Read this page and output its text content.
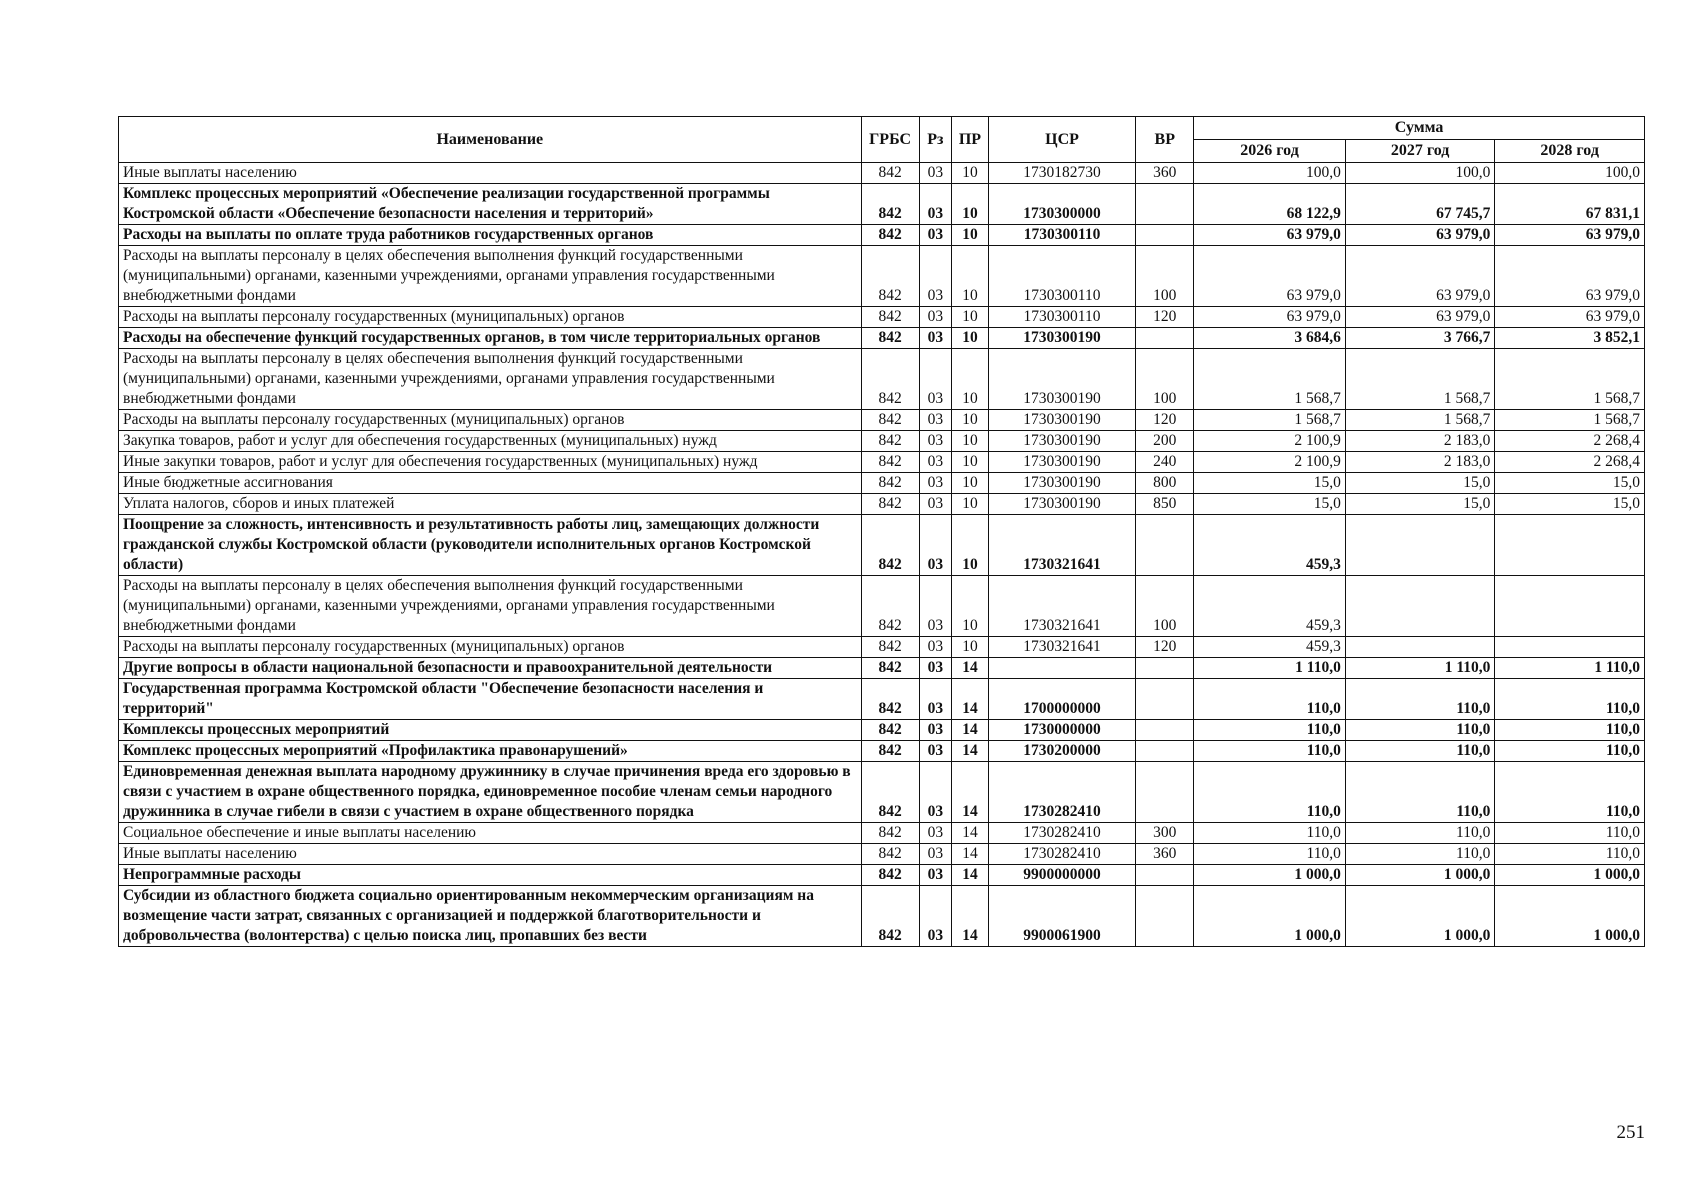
Наименование	ГРБС	Рз	ПР	ЦСР	ВР	Сумма		
						2026 год	2027 год	2028 год
Иные выплаты населению	842	03	10	1730182730	360	100,0	100,0	100,0
Комплекс процессных мероприятий «Обеспечение реализации государственной программы Костромской области «Обеспечение безопасности населения и территорий»	842	03	10	1730300000		68 122,9	67 745,7	67 831,1
Расходы на выплаты по оплате труда работников государственных органов	842	03	10	1730300110		63 979,0	63 979,0	63 979,0
Расходы на выплаты персоналу в целях обеспечения выполнения функций государственными (муниципальными) органами, казенными учреждениями, органами управления государственными внебюджетными фондами	842	03	10	1730300110	100	63 979,0	63 979,0	63 979,0
Расходы на выплаты персоналу государственных (муниципальных) органов	842	03	10	1730300110	120	63 979,0	63 979,0	63 979,0
Расходы на обеспечение функций государственных органов, в том числе территориальных органов	842	03	10	1730300190		3 684,6	3 766,7	3 852,1
Расходы на выплаты персоналу в целях обеспечения выполнения функций государственными (муниципальными) органами, казенными учреждениями, органами управления государственными внебюджетными фондами	842	03	10	1730300190	100	1 568,7	1 568,7	1 568,7
Расходы на выплаты персоналу государственных (муниципальных) органов	842	03	10	1730300190	120	1 568,7	1 568,7	1 568,7
Закупка товаров, работ и услуг для обеспечения государственных (муниципальных) нужд	842	03	10	1730300190	200	2 100,9	2 183,0	2 268,4
Иные закупки товаров, работ и услуг для обеспечения государственных (муниципальных) нужд	842	03	10	1730300190	240	2 100,9	2 183,0	2 268,4
Иные бюджетные ассигнования	842	03	10	1730300190	800	15,0	15,0	15,0
Уплата налогов, сборов и иных платежей	842	03	10	1730300190	850	15,0	15,0	15,0
Поощрение за сложность, интенсивность и результативность работы лиц, замещающих должности гражданской службы Костромской области (руководители исполнительных органов Костромской области)	842	03	10	1730321641		459,3		
Расходы на выплаты персоналу в целях обеспечения выполнения функций государственными (муниципальными) органами, казенными учреждениями, органами управления государственными внебюджетными фондами	842	03	10	1730321641	100	459,3		
Расходы на выплаты персоналу государственных (муниципальных) органов	842	03	10	1730321641	120	459,3		
Другие вопросы в области национальной безопасности и правоохранительной деятельности	842	03	14			1 110,0	1 110,0	1 110,0
Государственная программа Костромской области "Обеспечение безопасности населения и территорий"	842	03	14	1700000000		110,0	110,0	110,0
Комплексы процессных мероприятий	842	03	14	1730000000		110,0	110,0	110,0
Комплекс процессных мероприятий «Профилактика правонарушений»	842	03	14	1730200000		110,0	110,0	110,0
Единовременная денежная выплата народному дружиннику в случае причинения вреда его здоровью в связи с участием в охране общественного порядка, единовременное пособие членам семьи народного дружинника в случае гибели в связи с участием в охране общественного порядка	842	03	14	1730282410		110,0	110,0	110,0
Социальное обеспечение и иные выплаты населению	842	03	14	1730282410	300	110,0	110,0	110,0
Иные выплаты населению	842	03	14	1730282410	360	110,0	110,0	110,0
Непрограммные расходы	842	03	14	9900000000		1 000,0	1 000,0	1 000,0
Субсидии из областного бюджета социально ориентированным некоммерческим организациям на возмещение части затрат, связанных с организацией и поддержкой благотворительности и добровольчества (волонтерства) с целью поиска лиц, пропавших без вести	842	03	14	9900061900		1 000,0	1 000,0	1 000,0
251
